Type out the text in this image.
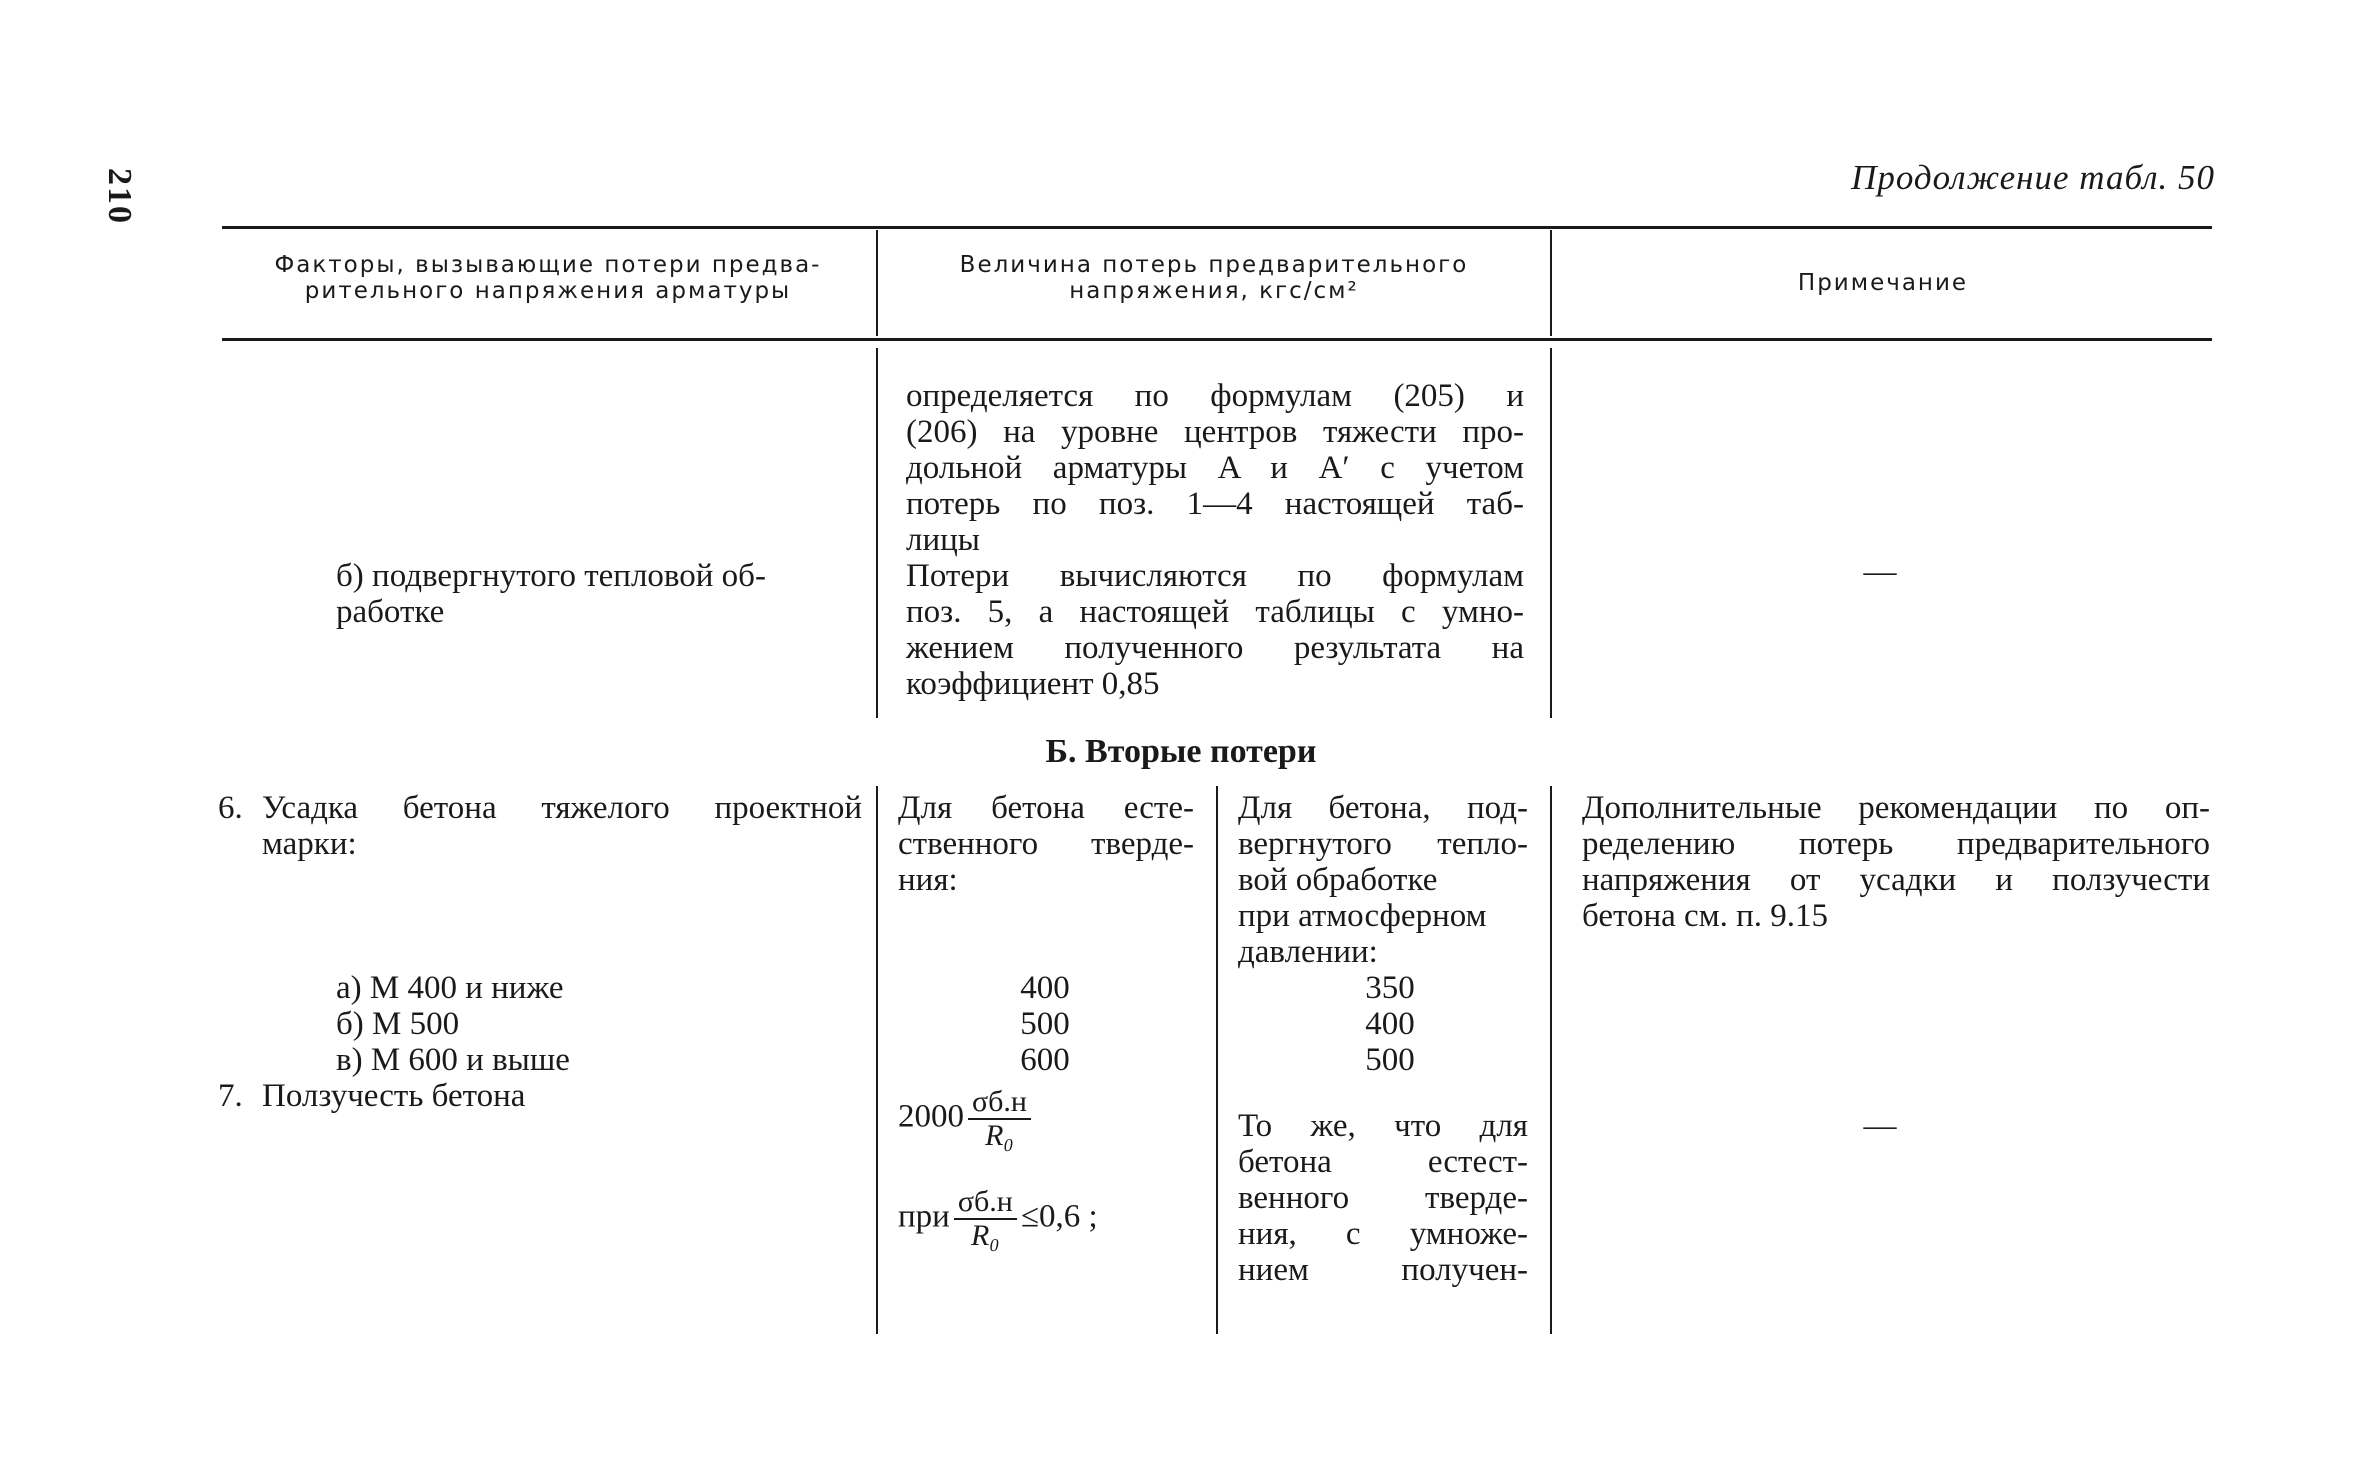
210	Продолжение табл. 50
Факторы, вызывающие потери предва-
рительного напряжения арматуры
Величина потерь предварительного
напряжения, кгс/см²	Примечание
определяется по формулам (205) и
(206) на уровне центров тяжести про-
дольной арматуры A и A′ с учетом
потерь по поз. 1—4 настоящей таб-
лицы
Потери вычисляются по формулам
поз. 5, a настоящей таблицы с умно-
жением полученного результата на
коэффициент 0,85
б) подвергнутого тепловой об-
работке
—
Б. Вторые потери
6. Усадка бетона тяжелого проектной
марки:
Для бетона есте-
ственного тверде-
ния:
Для бетона, под-
вергнутого тепло-
вой обработке
при атмосферном
давлении:
Дополнительные рекомендации по оп-
ределению потерь предварительного
напряжения от усадки и ползучести
бетона см. п. 9.15
а) М 400 и ниже
б) М 500
в) М 600 и выше
400
500
600
350
400
500
7. Ползучесть бетона
$2000 \frac{\sigma б.н}{\text{R₀}}$
при $\frac{\sigma б.н}{\text{R₀}} \le 0,6$ ;
То же, что для
бетона естест-
венного тверде-
ния, с умноже-
нием получен-
—
